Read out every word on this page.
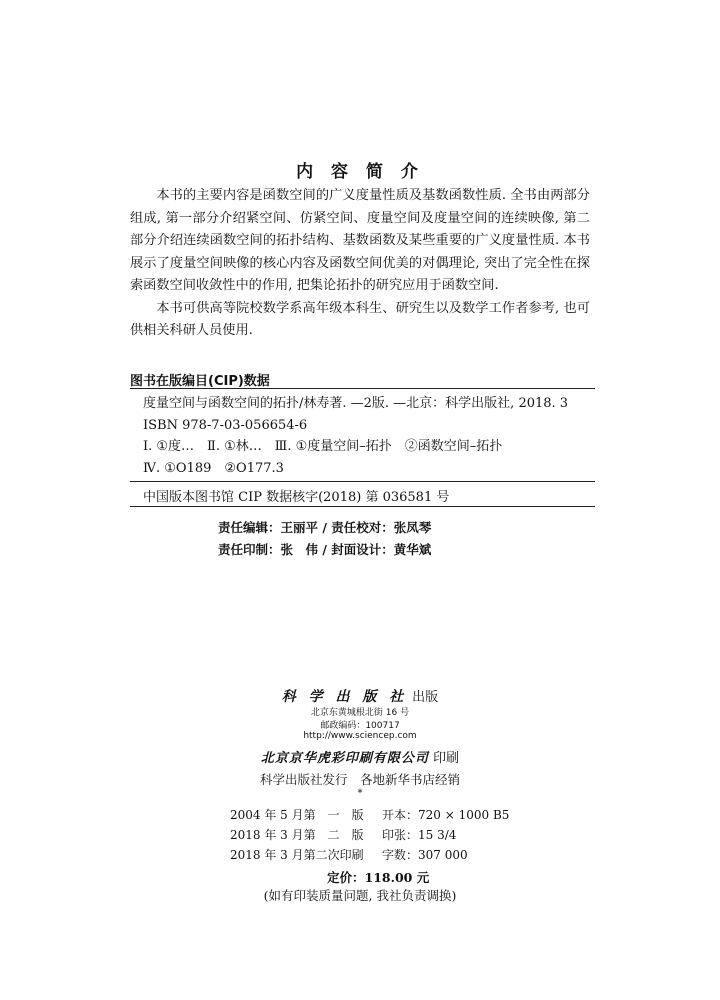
内 容 简 介

本书的主要内容是函数空间的广义度量性质及基数函数性质. 全书由两部分组成, 第一部分介绍紧空间、仿紧空间、度量空间及度量空间的连续映像, 第二部分介绍连续函数空间的拓扑结构、基数函数及某些重要的广义度量性质. 本书展示了度量空间映像的核心内容及函数空间优美的对偶理论, 突出了完全性在探索函数空间收敛性中的作用, 把集论拓扑的研究应用于函数空间.

本书可供高等院校数学系高年级本科生、研究生以及数学工作者参考, 也可供相关科研人员使用.

图书在版编目(CIP)数据
度量空间与函数空间的拓扑/林寿著. —2版. —北京：科学出版社, 2018. 3
ISBN 978-7-03-056654-6
Ⅰ. ①度…　Ⅱ. ①林…　Ⅲ. ①度量空间–拓扑　②函数空间–拓扑
Ⅳ. ①O189　②O177.3
中国版本图书馆 CIP 数据核字(2018) 第 036581 号
责任编辑：王丽平 / 责任校对：张凤琴
责任印制：张　伟 / 封面设计：黄华斌
科 学 出 版 社 出版
北京东黄城根北街 16 号
邮政编码：100717
http://www.sciencep.com
北京京华虎彩印刷有限公司 印刷
科学出版社发行　各地新华书店经销
*
2004 年 5 月第　一　版 开本：720 × 1000 B5
2018 年 3 月第　二　版 印张：15 3/4
2018 年 3 月第二次印刷 字数：307 000
定价：118.00 元
(如有印装质量问题, 我社负责调换)
